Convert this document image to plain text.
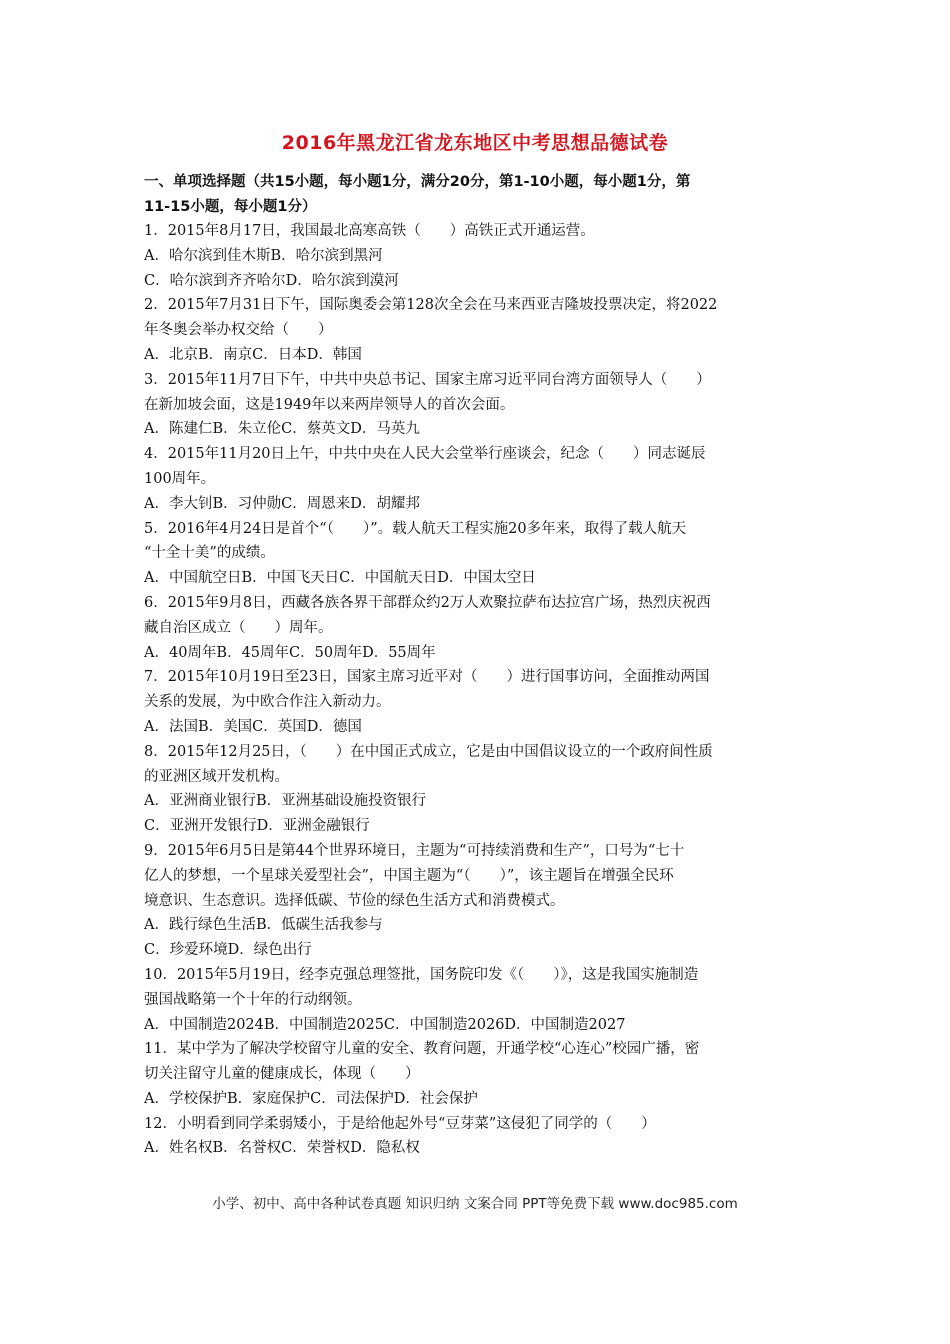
2016年黑龙江省龙东地区中考思想品德试卷
一、单项选择题（共15小题，每小题1分，满分20分，第1-10小题，每小题1分，第
11-15小题，每小题1分）
1．2015年8月17日，我国最北高寒高铁（　　）高铁正式开通运营。
A．哈尔滨到佳木斯B．哈尔滨到黑河
C．哈尔滨到齐齐哈尔D．哈尔滨到漠河
2．2015年7月31日下午，国际奥委会第128次全会在马来西亚吉隆坡投票决定，将2022
年冬奥会举办权交给（　　）
A．北京B．南京C．日本D．韩国
3．2015年11月7日下午，中共中央总书记、国家主席习近平同台湾方面领导人（　　）
在新加坡会面，这是1949年以来两岸领导人的首次会面。
A．陈建仁B．朱立伦C．蔡英文D．马英九
4．2015年11月20日上午，中共中央在人民大会堂举行座谈会，纪念（　　）同志诞辰
100周年。
A．李大钊B．习仲勋C．周恩来D．胡耀邦
5．2016年4月24日是首个“（　　）”。载人航天工程实施20多年来，取得了载人航天
“十全十美”的成绩。
A．中国航空日B．中国飞天日C．中国航天日D．中国太空日
6．2015年9月8日，西藏各族各界干部群众约2万人欢聚拉萨布达拉宫广场，热烈庆祝西
藏自治区成立（　　）周年。
A．40周年B．45周年C．50周年D．55周年
7．2015年10月19日至23日，国家主席习近平对（　　）进行国事访问，全面推动两国
关系的发展，为中欧合作注入新动力。
A．法国B．美国C．英国D．德国
8．2015年12月25日，（　　）在中国正式成立，它是由中国倡议设立的一个政府间性质
的亚洲区域开发机构。
A．亚洲商业银行B．亚洲基础设施投资银行
C．亚洲开发银行D．亚洲金融银行
9．2015年6月5日是第44个世界环境日，主题为“可持续消费和生产”，口号为“七十
亿人的梦想，一个星球关爱型社会”，中国主题为“（　　）”，该主题旨在增强全民环
境意识、生态意识。选择低碳、节俭的绿色生活方式和消费模式。
A．践行绿色生活B．低碳生活我参与
C．珍爱环境D．绿色出行
10．2015年5月19日，经李克强总理签批，国务院印发《（　　）》，这是我国实施制造
强国战略第一个十年的行动纲领。
A．中国制造2024B．中国制造2025C．中国制造2026D．中国制造2027
11．某中学为了解决学校留守儿童的安全、教育问题，开通学校“心连心”校园广播，密
切关注留守儿童的健康成长，体现（　　）
A．学校保护B．家庭保护C．司法保护D．社会保护
12．小明看到同学柔弱矮小，于是给他起外号“豆芽菜”这侵犯了同学的（　　）
A．姓名权B．名誉权C．荣誉权D．隐私权
小学、初中、高中各种试卷真题 知识归纳 文案合同 PPT等免费下载 www.doc985.com
